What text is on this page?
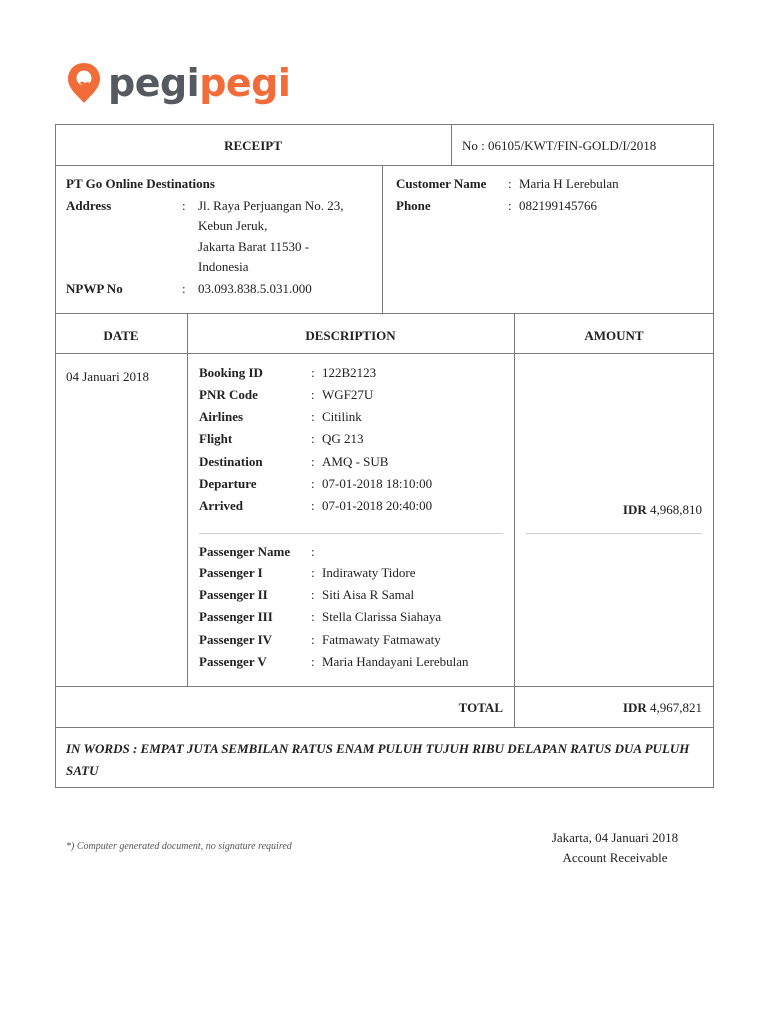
pegipegi
RECEIPT	No : 06105/KWT/FIN-GOLD/I/2018
PT Go Online Destinations
Address	: Jl. Raya Perjuangan No. 23,
Kebun Jeruk,
Jakarta Barat 11530 -
Indonesia
NPWP No	: 03.093.838.5.031.000
Customer Name : Maria H Lerebulan
Phone	: 082199145766
DATE	DESCRIPTION	AMOUNT
04 Januari 2018	Booking ID	: 122B2123
PNR Code	: WGF27U
Airlines	: Citilink
Flight	: QG 213
Destination	: AMQ - SUB
Departure	: 07-01-2018 18:10:00
Arrived	: 07-01-2018 20:40:00	IDR 4,968,810
Passenger Name :
Passenger I	: Indirawaty Tidore
Passenger II	: Siti Aisa R Samal
Passenger III	: Stella Clarissa Siahaya
Passenger IV	: Fatmawaty Fatmawaty
Passenger V	: Maria Handayani Lerebulan
TOTAL	IDR 4,967,821
IN WORDS : EMPAT JUTA SEMBILAN RATUS ENAM PULUH TUJUH RIBU DELAPAN RATUS DUA PULUH SATU
*) Computer generated document, no signature required
Jakarta, 04 Januari 2018
Account Receivable
